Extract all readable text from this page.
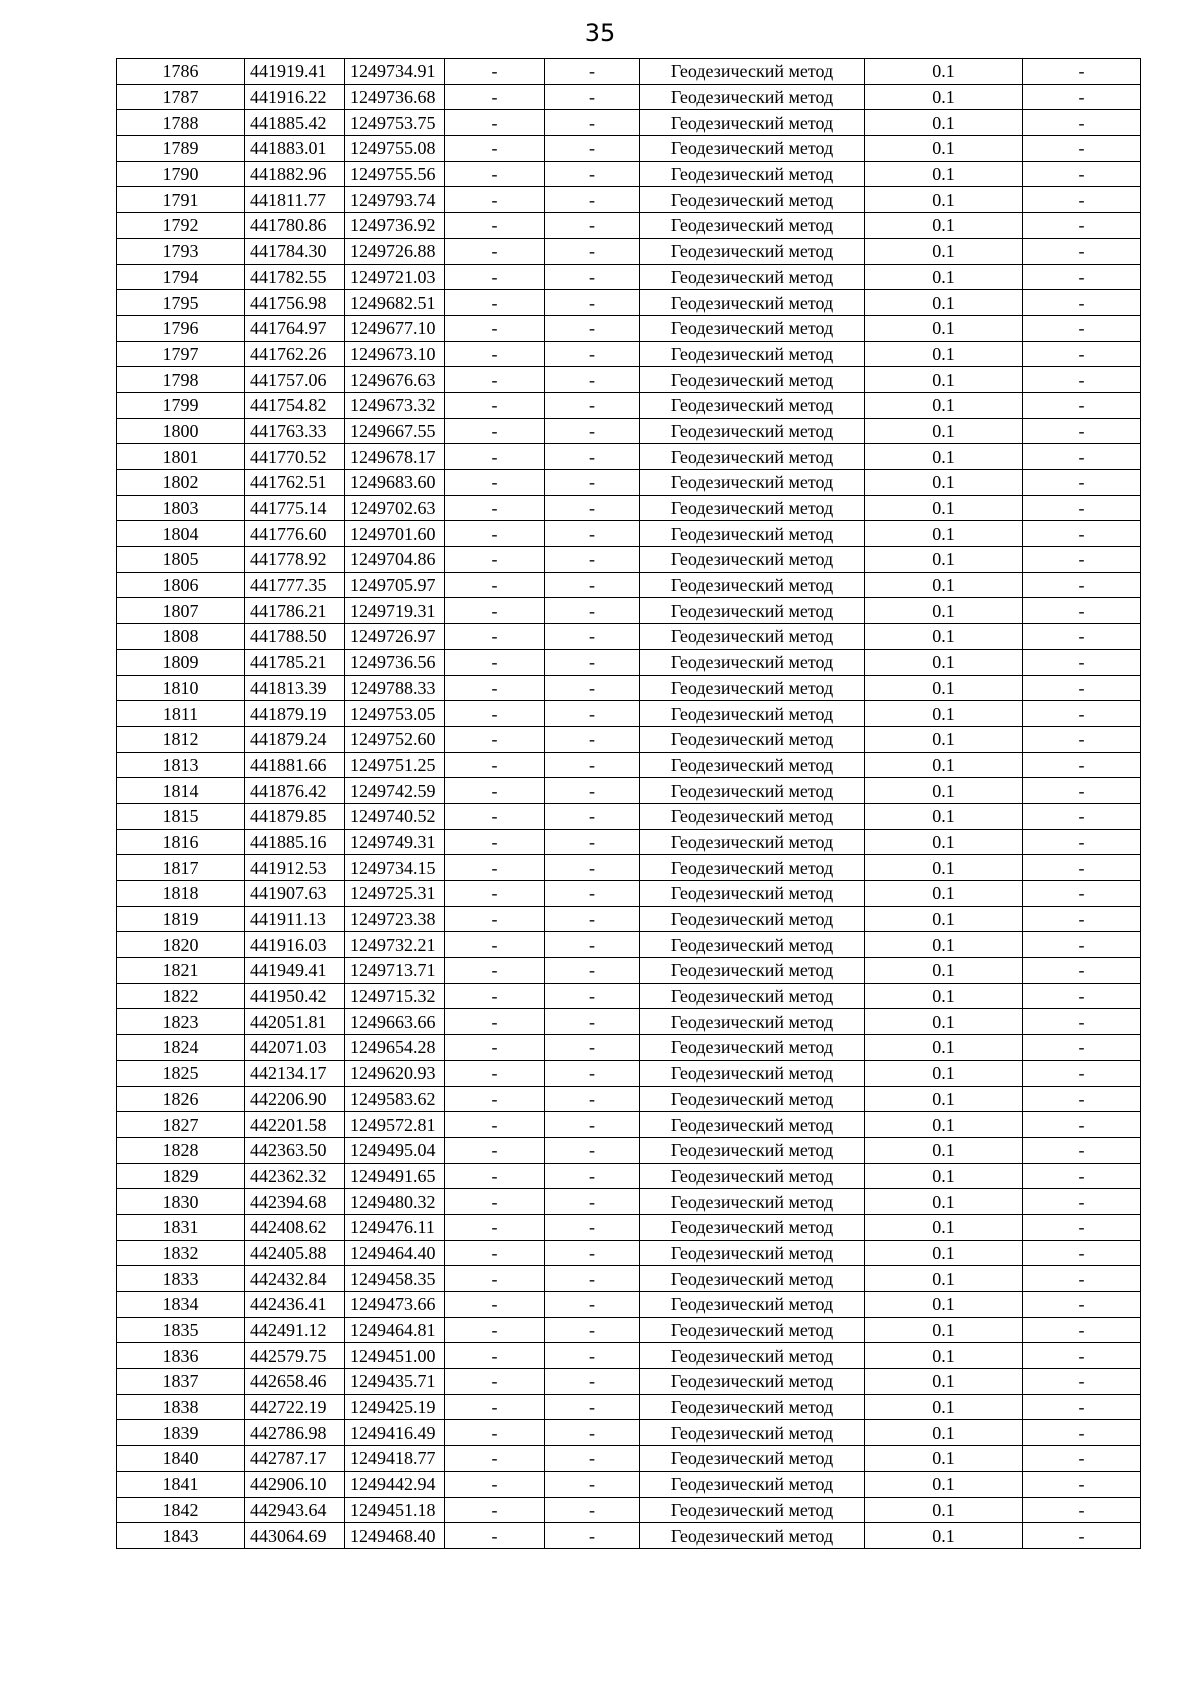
35
1786	441919.41	1249734.91	-	-	Геодезический метод	0.1	-
1787	441916.22	1249736.68	-	-	Геодезический метод	0.1	-
1788	441885.42	1249753.75	-	-	Геодезический метод	0.1	-
1789	441883.01	1249755.08	-	-	Геодезический метод	0.1	-
1790	441882.96	1249755.56	-	-	Геодезический метод	0.1	-
1791	441811.77	1249793.74	-	-	Геодезический метод	0.1	-
1792	441780.86	1249736.92	-	-	Геодезический метод	0.1	-
1793	441784.30	1249726.88	-	-	Геодезический метод	0.1	-
1794	441782.55	1249721.03	-	-	Геодезический метод	0.1	-
1795	441756.98	1249682.51	-	-	Геодезический метод	0.1	-
1796	441764.97	1249677.10	-	-	Геодезический метод	0.1	-
1797	441762.26	1249673.10	-	-	Геодезический метод	0.1	-
1798	441757.06	1249676.63	-	-	Геодезический метод	0.1	-
1799	441754.82	1249673.32	-	-	Геодезический метод	0.1	-
1800	441763.33	1249667.55	-	-	Геодезический метод	0.1	-
1801	441770.52	1249678.17	-	-	Геодезический метод	0.1	-
1802	441762.51	1249683.60	-	-	Геодезический метод	0.1	-
1803	441775.14	1249702.63	-	-	Геодезический метод	0.1	-
1804	441776.60	1249701.60	-	-	Геодезический метод	0.1	-
1805	441778.92	1249704.86	-	-	Геодезический метод	0.1	-
1806	441777.35	1249705.97	-	-	Геодезический метод	0.1	-
1807	441786.21	1249719.31	-	-	Геодезический метод	0.1	-
1808	441788.50	1249726.97	-	-	Геодезический метод	0.1	-
1809	441785.21	1249736.56	-	-	Геодезический метод	0.1	-
1810	441813.39	1249788.33	-	-	Геодезический метод	0.1	-
1811	441879.19	1249753.05	-	-	Геодезический метод	0.1	-
1812	441879.24	1249752.60	-	-	Геодезический метод	0.1	-
1813	441881.66	1249751.25	-	-	Геодезический метод	0.1	-
1814	441876.42	1249742.59	-	-	Геодезический метод	0.1	-
1815	441879.85	1249740.52	-	-	Геодезический метод	0.1	-
1816	441885.16	1249749.31	-	-	Геодезический метод	0.1	-
1817	441912.53	1249734.15	-	-	Геодезический метод	0.1	-
1818	441907.63	1249725.31	-	-	Геодезический метод	0.1	-
1819	441911.13	1249723.38	-	-	Геодезический метод	0.1	-
1820	441916.03	1249732.21	-	-	Геодезический метод	0.1	-
1821	441949.41	1249713.71	-	-	Геодезический метод	0.1	-
1822	441950.42	1249715.32	-	-	Геодезический метод	0.1	-
1823	442051.81	1249663.66	-	-	Геодезический метод	0.1	-
1824	442071.03	1249654.28	-	-	Геодезический метод	0.1	-
1825	442134.17	1249620.93	-	-	Геодезический метод	0.1	-
1826	442206.90	1249583.62	-	-	Геодезический метод	0.1	-
1827	442201.58	1249572.81	-	-	Геодезический метод	0.1	-
1828	442363.50	1249495.04	-	-	Геодезический метод	0.1	-
1829	442362.32	1249491.65	-	-	Геодезический метод	0.1	-
1830	442394.68	1249480.32	-	-	Геодезический метод	0.1	-
1831	442408.62	1249476.11	-	-	Геодезический метод	0.1	-
1832	442405.88	1249464.40	-	-	Геодезический метод	0.1	-
1833	442432.84	1249458.35	-	-	Геодезический метод	0.1	-
1834	442436.41	1249473.66	-	-	Геодезический метод	0.1	-
1835	442491.12	1249464.81	-	-	Геодезический метод	0.1	-
1836	442579.75	1249451.00	-	-	Геодезический метод	0.1	-
1837	442658.46	1249435.71	-	-	Геодезический метод	0.1	-
1838	442722.19	1249425.19	-	-	Геодезический метод	0.1	-
1839	442786.98	1249416.49	-	-	Геодезический метод	0.1	-
1840	442787.17	1249418.77	-	-	Геодезический метод	0.1	-
1841	442906.10	1249442.94	-	-	Геодезический метод	0.1	-
1842	442943.64	1249451.18	-	-	Геодезический метод	0.1	-
1843	443064.69	1249468.40	-	-	Геодезический метод	0.1	-
